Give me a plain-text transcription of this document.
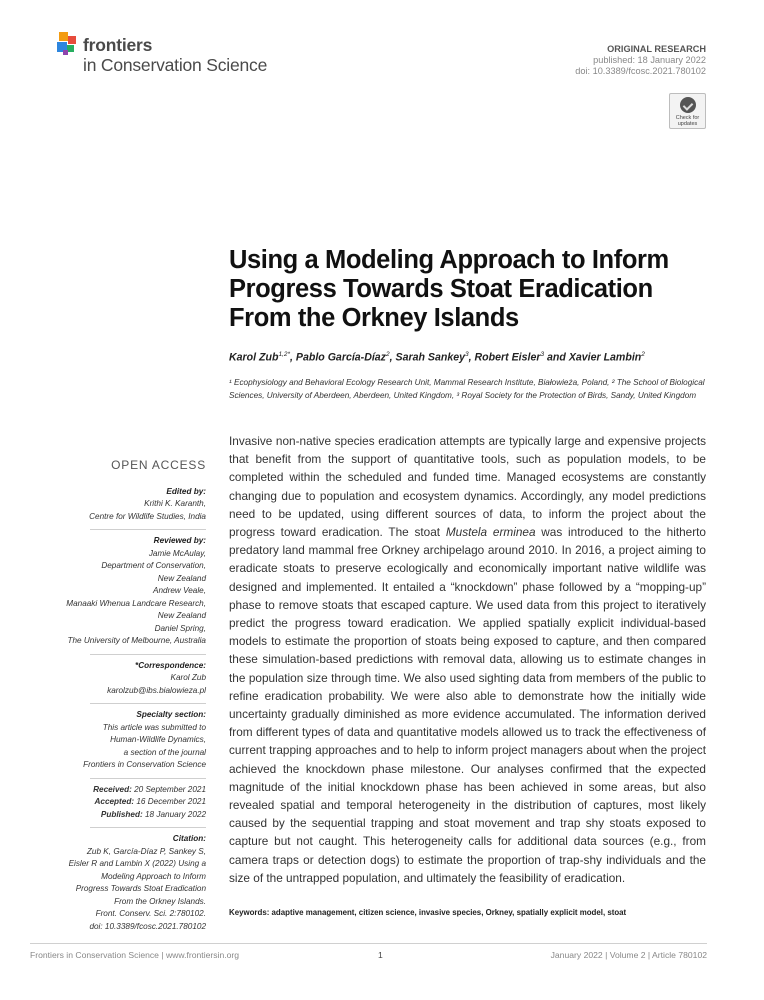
frontiers
in Conservation Science
ORIGINAL RESEARCH
published: 18 January 2022
doi: 10.3389/fcosc.2021.780102
Check for updates
Using a Modeling Approach to Inform Progress Towards Stoat Eradication From the Orkney Islands
Karol Zub$^{1,2*}$, Pablo García-Díaz$^2$, Sarah Sankey$^3$, Robert Eisler$^3$ and Xavier Lambin$^2$
¹ Ecophysiology and Behavioral Ecology Research Unit, Mammal Research Institute, Białowieża, Poland, ² The School of Biological Sciences, University of Aberdeen, Aberdeen, United Kingdom, ³ Royal Society for the Protection of Birds, Sandy, United Kingdom
OPEN ACCESS
Edited by:
Krithi K. Karanth,
Centre for Wildlife Studies, India
Reviewed by:
Jamie McAulay,
Department of Conservation,
New Zealand
Andrew Veale,
Manaaki Whenua Landcare Research,
New Zealand
Daniel Spring,
The University of Melbourne, Australia
*Correspondence:
Karol Zub
karolzub@ibs.bialowieza.pl
Specialty section:
This article was submitted to
Human-Wildlife Dynamics,
a section of the journal
Frontiers in Conservation Science
Received: 20 September 2021
Accepted: 16 December 2021
Published: 18 January 2022
Citation:
Zub K, García-Díaz P, Sankey S,
Eisler R and Lambin X (2022) Using a
Modeling Approach to Inform
Progress Towards Stoat Eradication
From the Orkney Islands.
Front. Conserv. Sci. 2:780102.
doi: 10.3389/fcosc.2021.780102
Invasive non-native species eradication attempts are typically large and expensive projects that benefit from the support of quantitative tools, such as population models, to be completed within the scheduled and funded time. Managed ecosystems are constantly changing due to population and ecosystem dynamics. Accordingly, any model predictions need to be updated, using different sources of data, to inform the project about the progress toward eradication. The stoat Mustela erminea was introduced to the hitherto predatory land mammal free Orkney archipelago around 2010. In 2016, a project aiming to eradicate stoats to preserve ecologically and economically important native wildlife was designed and implemented. It entailed a “knockdown” phase followed by a “mopping-up” phase to remove stoats that escaped capture. We used data from this project to iteratively predict the progress toward eradication. We applied spatially explicit individual-based models to estimate the proportion of stoats being exposed to capture, and then compared these simulation-based predictions with removal data, allowing us to estimate changes in the population size through time. We also used sighting data from members of the public to refine eradication probability. We were also able to demonstrate how the initially wide uncertainty gradually diminished as more evidence accumulated. The information derived from different types of data and quantitative models allowed us to track the effectiveness of current trapping approaches and to help to inform project managers about when the project achieved the knockdown phase milestone. Our analyses confirmed that the expected magnitude of the initial knockdown phase has been achieved in some areas, but also revealed spatial and temporal heterogeneity in the distribution of captures, most likely caused by the sequential trapping and stoat movement and trap shy stoats exposed to capture but not caught. This heterogeneity calls for additional data sources (e.g., from camera traps or detection dogs) to estimate the proportion of trap-shy individuals and the size of the untrapped population, and ultimately the feasibility of eradication.
Keywords: adaptive management, citizen science, invasive species, Orkney, spatially explicit model, stoat
Frontiers in Conservation Science | www.frontiersin.org	1	January 2022 | Volume 2 | Article 780102
